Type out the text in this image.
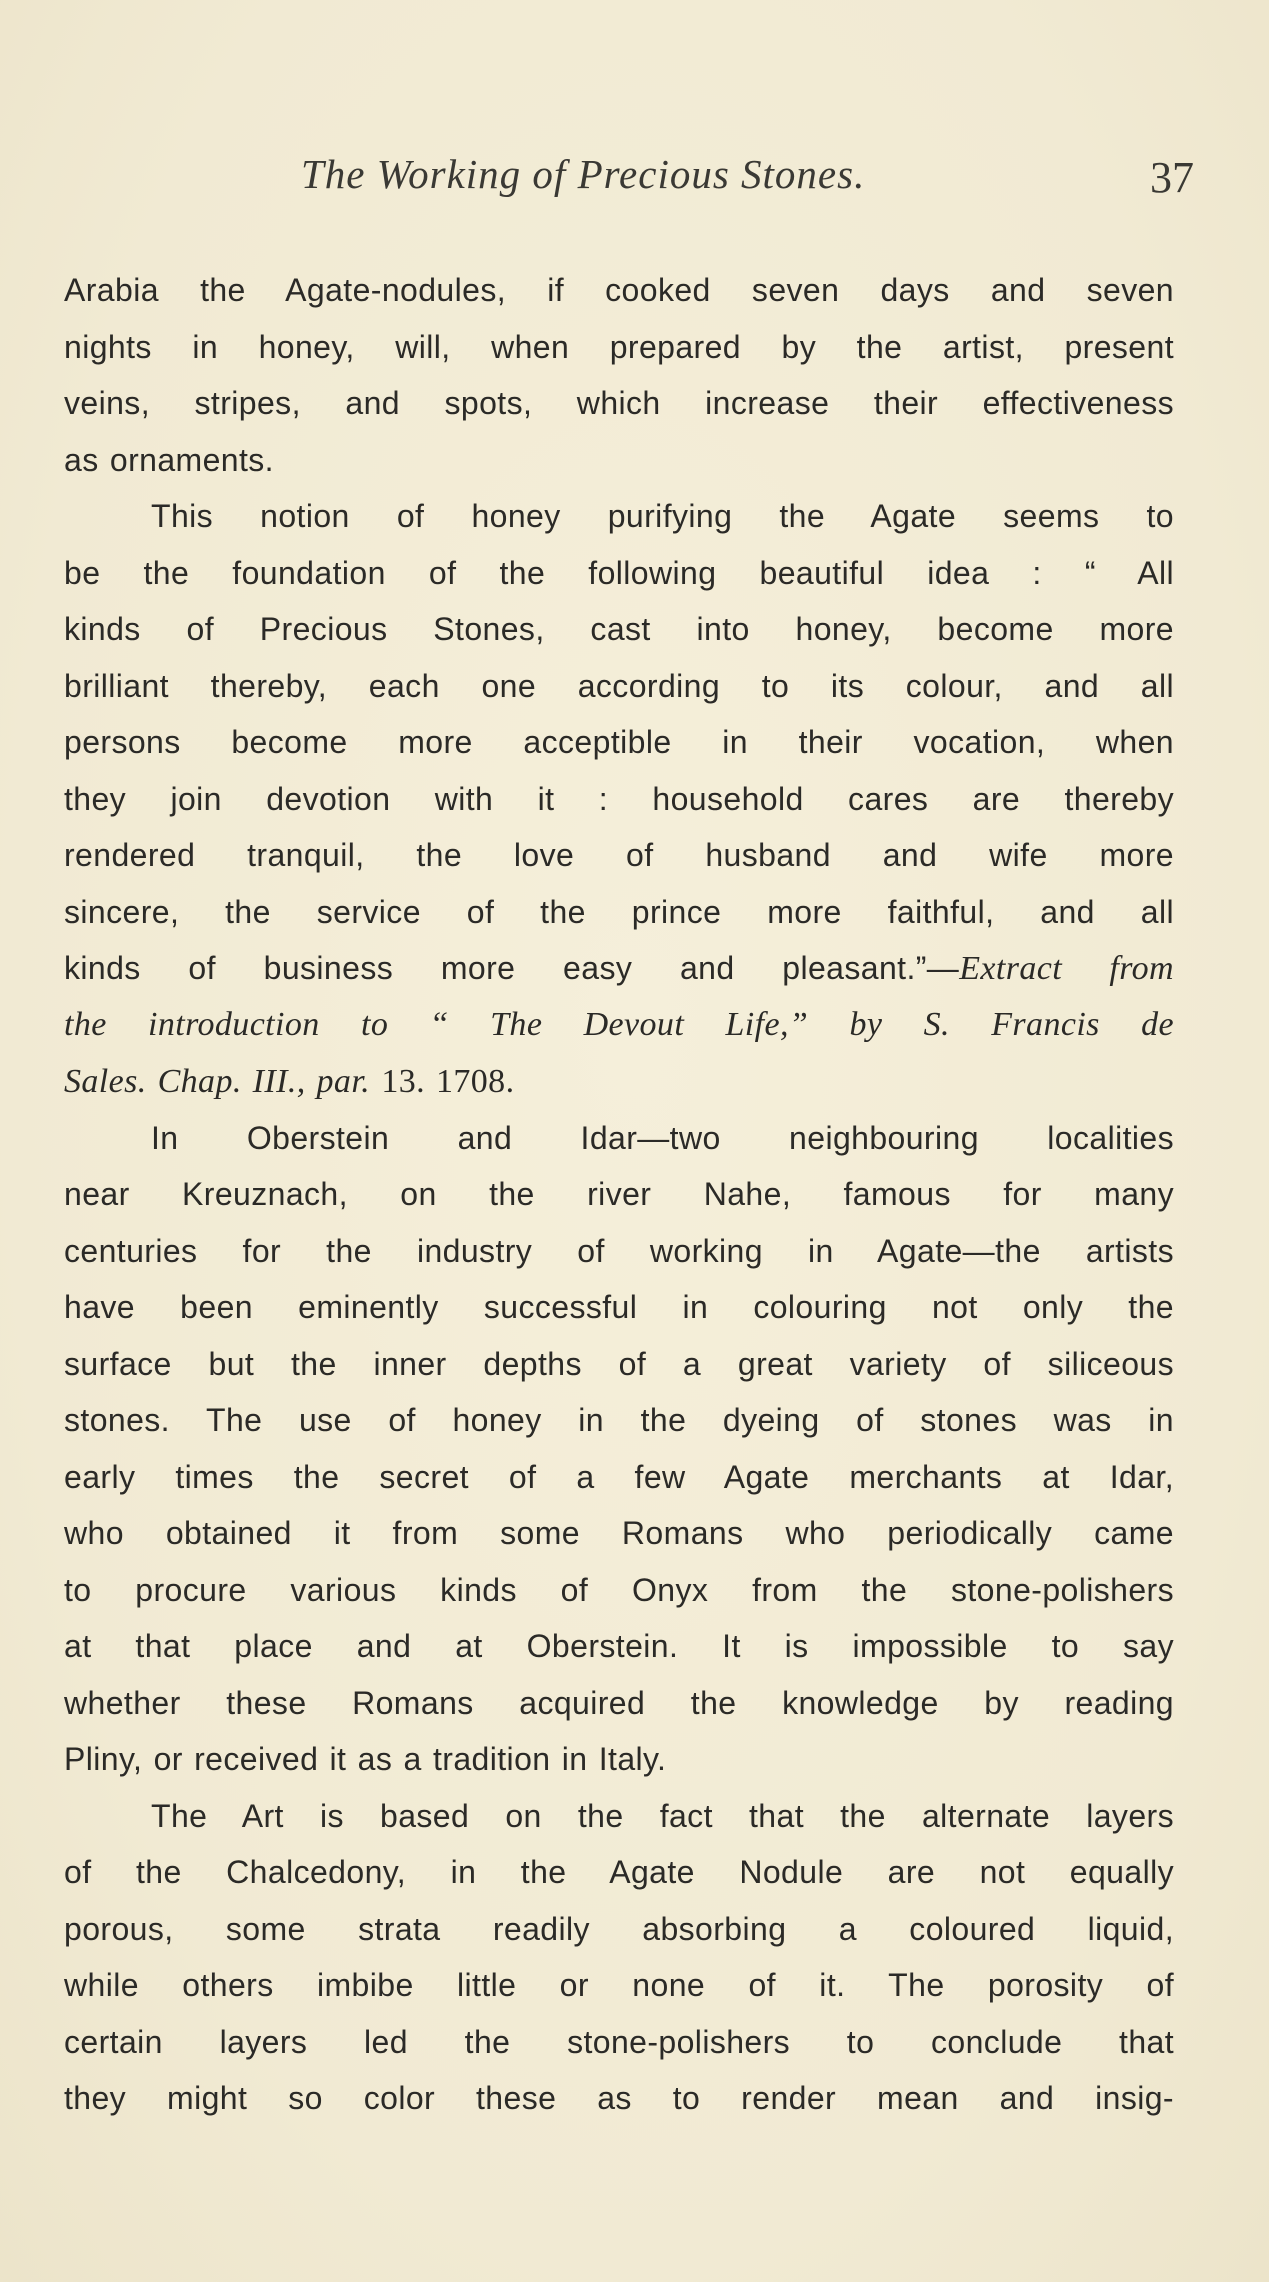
The Working of Precious Stones.	37
Arabia the Agate-nodules, if cooked seven days and seven
nights in honey, will, when prepared by the artist, present
veins, stripes, and spots, which increase their effectiveness
as ornaments.
This notion of honey purifying the Agate seems to
be the foundation of the following beautiful idea : “ All
kinds of Precious Stones, cast into honey, become more
brilliant thereby, each one according to its colour, and all
persons become more acceptible in their vocation, when
they join devotion with it : household cares are thereby
rendered tranquil, the love of husband and wife more
sincere, the service of the prince more faithful, and all
kinds of business more easy and pleasant.”—Extract from
the introduction to “ The Devout Life,” by S. Francis de
Sales. Chap. III., par. 13. 1708.
In Oberstein and Idar—two neighbouring localities
near Kreuznach, on the river Nahe, famous for many
centuries for the industry of working in Agate—the artists
have been eminently successful in colouring not only the
surface but the inner depths of a great variety of siliceous
stones. The use of honey in the dyeing of stones was in
early times the secret of a few Agate merchants at Idar,
who obtained it from some Romans who periodically came
to procure various kinds of Onyx from the stone-polishers
at that place and at Oberstein. It is impossible to say
whether these Romans acquired the knowledge by reading
Pliny, or received it as a tradition in Italy.
The Art is based on the fact that the alternate layers
of the Chalcedony, in the Agate Nodule are not equally
porous, some strata readily absorbing a coloured liquid,
while others imbibe little or none of it. The porosity of
certain layers led the stone-polishers to conclude that
they might so color these as to render mean and insig-
